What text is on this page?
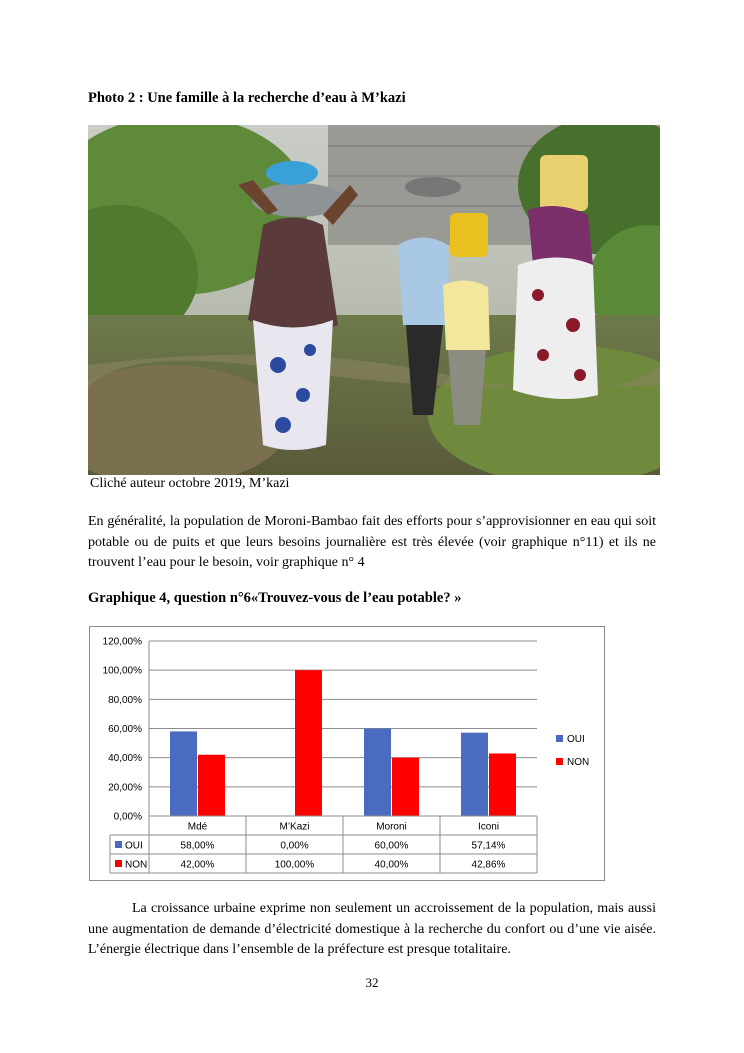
Photo 2 : Une famille à la recherche d’eau à M’kazi
Cliché auteur octobre 2019, M’kazi
En généralité, la population de Moroni-Bambao fait des efforts pour s’approvisionner en eau qui soit potable ou de puits et que leurs besoins journalière est très élevée (voir graphique n°11) et ils ne trouvent l’eau pour le besoin, voir graphique n° 4
Graphique 4, question n°6«Trouvez-vous de l’eau potable? »
0,00%
20,00%
40,00%
60,00%
80,00%
100,00%
120,00%
Mdé
58,00%
42,00%
M’Kazi
0,00%
100,00%
Moroni
60,00%
40,00%
Iconi
57,14%
42,86%
OUI
NON
OUI
NON
La croissance urbaine exprime non seulement un accroissement de la population, mais aussi une augmentation de demande d’électricité domestique à la recherche du confort ou d’une vie aisée. L’énergie électrique dans l’ensemble de la préfecture est presque totalitaire.
32
